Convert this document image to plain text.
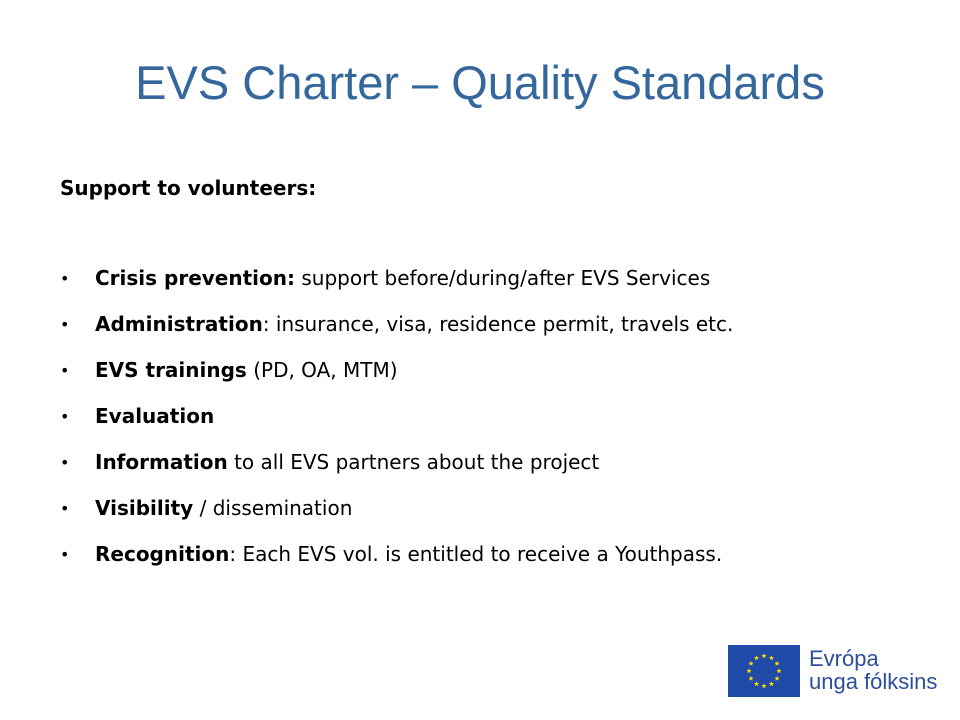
EVS Charter – Quality Standards

Support to volunteers:

• Crisis prevention: support before/during/after EVS Services
• Administration: insurance, visa, residence permit, travels etc.
• EVS trainings (PD, OA, MTM)
• Evaluation
• Information to all EVS partners about the project
• Visibility / dissemination
• Recognition: Each EVS vol. is entitled to receive a Youthpass.
Evrópa
unga fólksins
